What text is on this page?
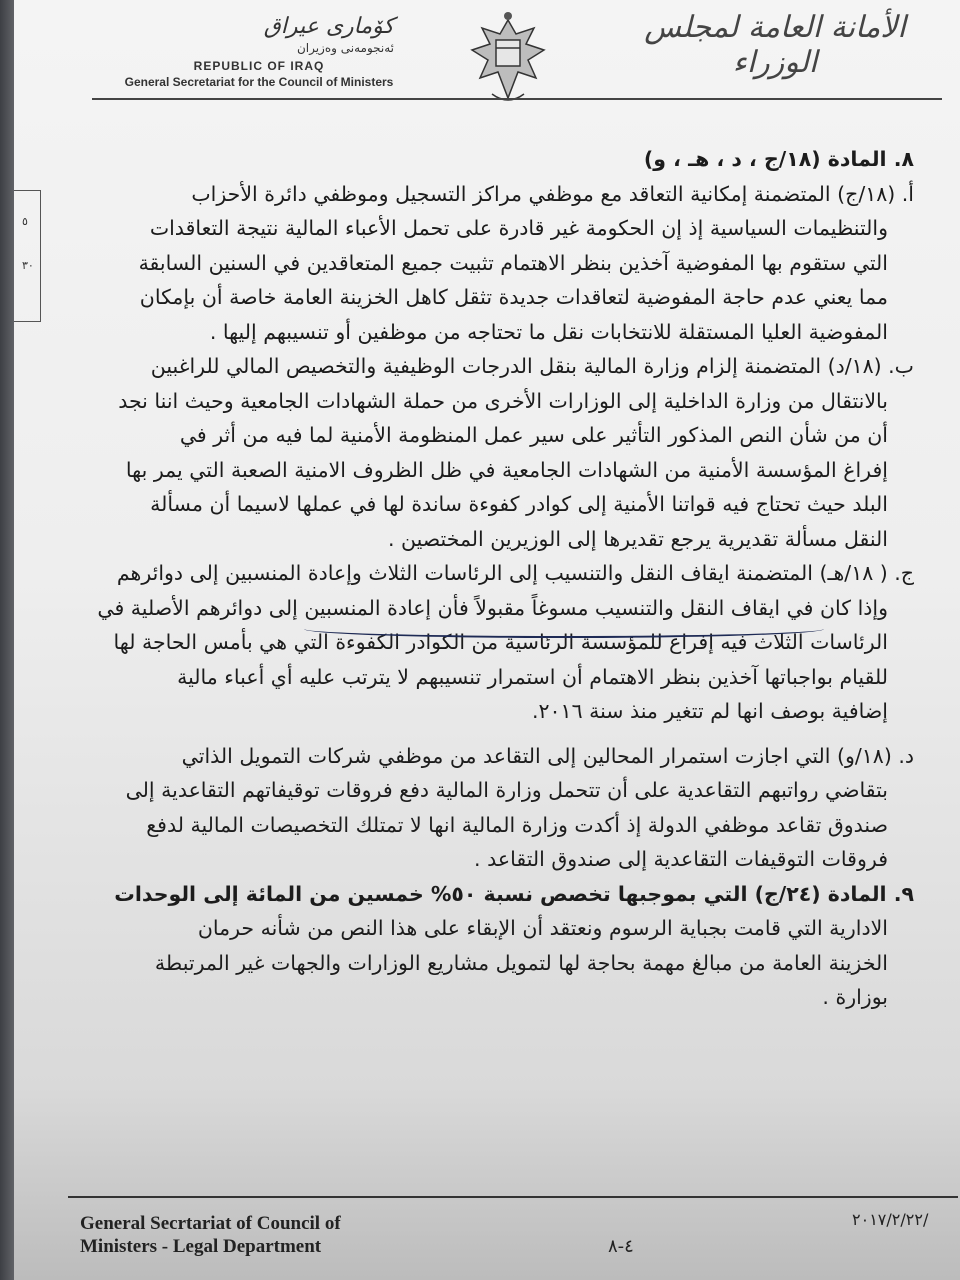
٥
٣٠
کۆماری عیراق
ئه‌نجومه‌نی وه‌زیران
REPUBLIC OF IRAQ
General Secretariat for the Council of Ministers
الأمانة العامة لمجلس الوزراء
٨. المادة (١٨/ج ، د ، هـ ، و)
أ. (١٨/ج) المتضمنة إمكانية التعاقد مع موظفي مراكز التسجيل وموظفي دائرة الأحزاب
والتنظيمات السياسية إذ إن الحكومة غير قادرة على تحمل الأعباء المالية نتيجة التعاقدات
التي ستقوم بها المفوضية آخذين بنظر الاهتمام تثبيت جميع المتعاقدين في السنين السابقة
مما يعني عدم حاجة المفوضية لتعاقدات جديدة تثقل كاهل الخزينة العامة خاصة أن بإمكان
المفوضية العليا المستقلة للانتخابات نقل ما تحتاجه من موظفين أو تنسيبهم إليها .
ب. (١٨/د) المتضمنة إلزام وزارة المالية بنقل الدرجات الوظيفية والتخصيص المالي للراغبين
بالانتقال من وزارة الداخلية إلى الوزارات الأخرى من حملة الشهادات الجامعية وحيث اننا نجد
أن من شأن النص المذكور التأثير على سير عمل المنظومة الأمنية لما فيه من أثر في
إفراغ المؤسسة الأمنية من الشهادات الجامعية في ظل الظروف الامنية الصعبة التي يمر بها
البلد حيث تحتاج فيه قواتنا الأمنية إلى كوادر كفوءة ساندة لها في عملها لاسيما أن مسألة
النقل مسألة تقديرية يرجع تقديرها إلى الوزيرين المختصين .
ج. ( ١٨/هـ) المتضمنة ايقاف النقل والتنسيب إلى الرئاسات الثلاث وإعادة المنسبين إلى دوائرهم
وإذا كان في ايقاف النقل والتنسيب مسوغاً مقبولاً فأن إعادة المنسبين إلى دوائرهم الأصلية في
الرئاسات الثلاث فيه إفراغ للمؤسسة الرئاسية من الكوادر الكفوءة التي هي بأمس الحاجة لها
للقيام بواجباتها آخذين بنظر الاهتمام أن استمرار تنسيبهم لا يترتب عليه أي أعباء مالية
إضافية بوصف انها لم تتغير منذ سنة ٢٠١٦.
د. (١٨/و) التي اجازت استمرار المحالين إلى التقاعد من موظفي شركات التمويل الذاتي
بتقاضي رواتبهم التقاعدية على أن تتحمل وزارة المالية دفع فروقات توقيفاتهم التقاعدية إلى
صندوق تقاعد موظفي الدولة إذ أكدت وزارة المالية انها لا تمتلك التخصيصات المالية لدفع
فروقات التوقيفات التقاعدية إلى صندوق التقاعد .
٩. المادة (٢٤/ج) التي بموجبها تخصص نسبة ٥٠% خمسين من المائة إلى الوحدات
الادارية التي قامت بجباية الرسوم ونعتقد أن الإبقاء على هذا النص من شأنه حرمان
الخزينة العامة من مبالغ مهمة بحاجة لها لتمويل مشاريع الوزارات والجهات غير المرتبطة
بوزارة .
General Secrtariat of Council of
Ministers - Legal Department	٤-٨
٢٠١٧/٢/٢٢/
